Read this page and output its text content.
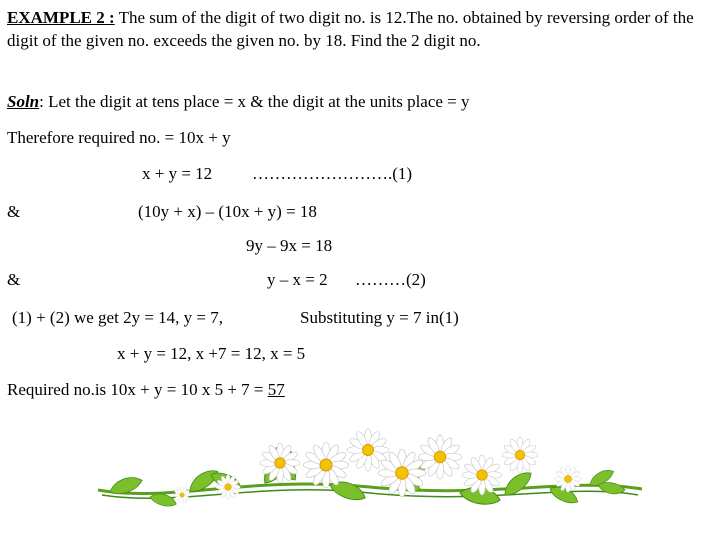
EXAMPLE 2 : The sum of the digit of two digit no. is 12.The no. obtained by reversing order of the digit of the given no. exceeds the given no. by 18. Find the 2 digit no.
Soln: Let the digit at tens place = x & the digit at the units place = y
Therefore required no. = 10x + y
x + y = 12 …………………….(1)
&	(10y + x) – (10x + y) = 18
9y – 9x = 18
&	y – x = 2 ………(2)
(1) + (2) we get 2y = 14, y = 7,	Substituting y = 7 in(1)
x + y = 12, x +7 = 12, x = 5
Required no.is 10x + y = 10 x 5 + 7 = 57
